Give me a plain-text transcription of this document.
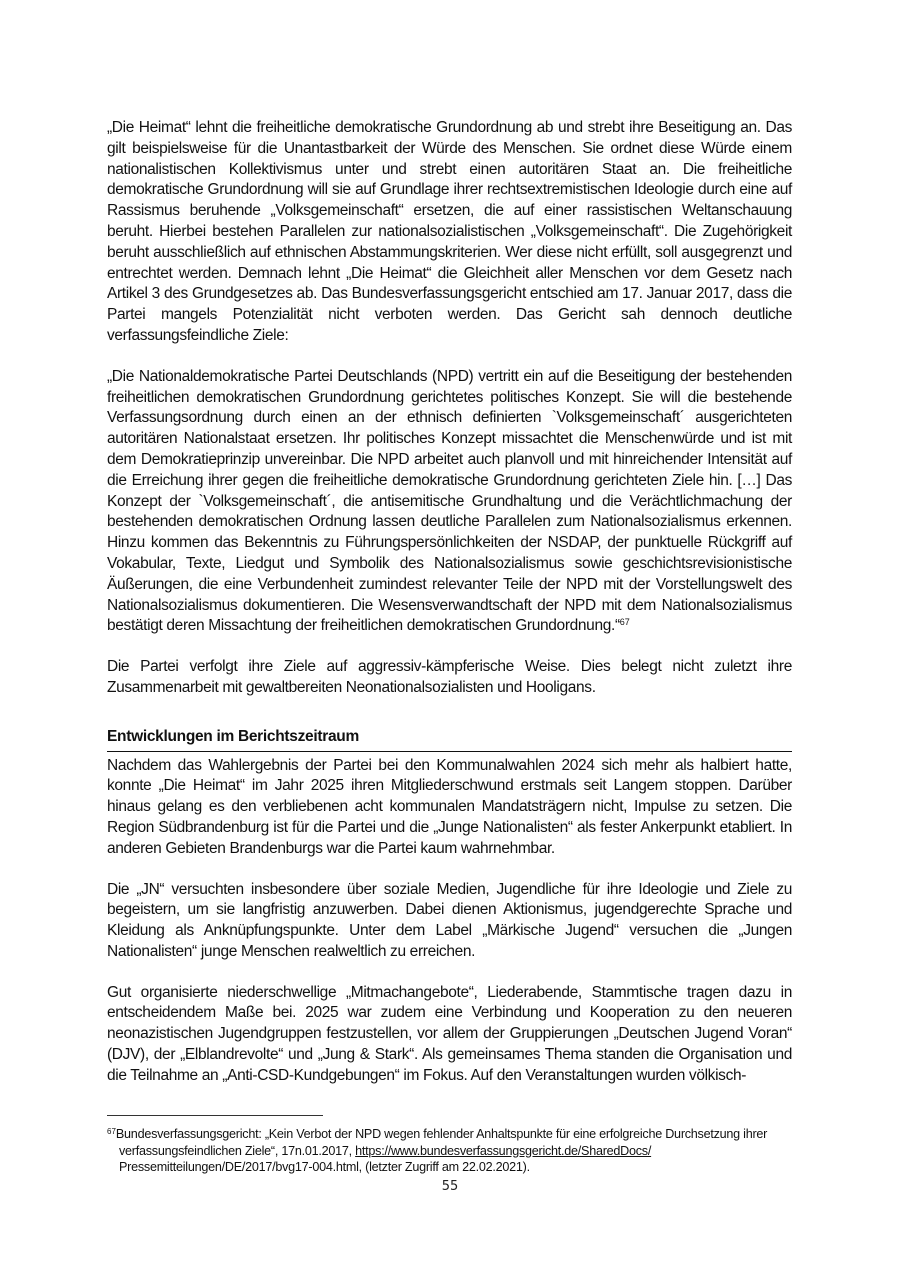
„Die Heimat“ lehnt die freiheitliche demokratische Grundordnung ab und strebt ihre Beseitigung an. Das gilt beispielsweise für die Unantastbarkeit der Würde des Menschen. Sie ordnet diese Würde einem nationalistischen Kollektivismus unter und strebt einen autoritären Staat an. Die freiheitliche demokratische Grundordnung will sie auf Grundlage ihrer rechtsextremistischen Ideologie durch eine auf Rassismus beruhende „Volksgemeinschaft“ ersetzen, die auf einer rassistischen Weltanschauung beruht. Hierbei bestehen Parallelen zur nationalsozialistischen „Volksgemeinschaft“. Die Zugehörigkeit beruht ausschließlich auf ethnischen Abstammungskriterien. Wer diese nicht erfüllt, soll ausgegrenzt und entrechtet werden. Demnach lehnt „Die Heimat“ die Gleichheit aller Menschen vor dem Gesetz nach Artikel 3 des Grundgesetzes ab. Das Bundesverfassungsgericht entschied am 17. Januar 2017, dass die Partei mangels Potenzialität nicht verboten werden. Das Gericht sah dennoch deutliche verfassungsfeindliche Ziele:

„Die Nationaldemokratische Partei Deutschlands (NPD) vertritt ein auf die Beseitigung der bestehenden freiheitlichen demokratischen Grundordnung gerichtetes politisches Konzept. Sie will die bestehende Verfassungsordnung durch einen an der ethnisch definierten `Volksgemeinschaft´ ausgerichteten autoritären Nationalstaat ersetzen. Ihr politisches Konzept missachtet die Menschenwürde und ist mit dem Demokratieprinzip unvereinbar. Die NPD arbeitet auch planvoll und mit hinreichender Intensität auf die Erreichung ihrer gegen die freiheitliche demokratische Grundordnung gerichteten Ziele hin. […] Das Konzept der `Volksgemeinschaft´, die antisemitische Grundhaltung und die Verächtlichmachung der bestehenden demokratischen Ordnung lassen deutliche Parallelen zum Nationalsozialismus erkennen. Hinzu kommen das Bekenntnis zu Führungspersönlichkeiten der NSDAP, der punktuelle Rückgriff auf Vokabular, Texte, Liedgut und Symbolik des Nationalsozialismus sowie geschichtsrevisionistische Äußerungen, die eine Verbundenheit zumindest relevanter Teile der NPD mit der Vorstellungswelt des Nationalsozialismus dokumentieren. Die Wesensverwandtschaft der NPD mit dem Nationalsozialismus bestätigt deren Missachtung der freiheitlichen demokratischen Grundordnung.“$^{67}$

Die Partei verfolgt ihre Ziele auf aggressiv-kämpferische Weise. Dies belegt nicht zuletzt ihre Zusammenarbeit mit gewaltbereiten Neonationalsozialisten und Hooligans.

Entwicklungen im Berichtszeitraum

Nachdem das Wahlergebnis der Partei bei den Kommunalwahlen 2024 sich mehr als halbiert hatte, konnte „Die Heimat“ im Jahr 2025 ihren Mitgliederschwund erstmals seit Langem stoppen. Darüber hinaus gelang es den verbliebenen acht kommunalen Mandatsträgern nicht, Impulse zu setzen. Die Region Südbrandenburg ist für die Partei und die „Junge Nationalisten“ als fester Ankerpunkt etabliert. In anderen Gebieten Brandenburgs war die Partei kaum wahrnehmbar.

Die „JN“ versuchten insbesondere über soziale Medien, Jugendliche für ihre Ideologie und Ziele zu begeistern, um sie langfristig anzuwerben. Dabei dienen Aktionismus, jugendgerechte Sprache und Kleidung als Anknüpfungspunkte. Unter dem Label „Märkische Jugend“ versuchen die „Jungen Nationalisten“ junge Menschen realweltlich zu erreichen.

Gut organisierte niederschwellige „Mitmachangebote“, Liederabende, Stammtische tragen dazu in entscheidendem Maße bei. 2025 war zudem eine Verbindung und Kooperation zu den neueren neonazistischen Jugendgruppen festzustellen, vor allem der Gruppierungen „Deutschen Jugend Voran“ (DJV), der „Elblandrevolte“ und „Jung & Stark“. Als gemeinsames Thema standen die Organisation und die Teilnahme an „Anti-CSD-Kundgebungen“ im Fokus. Auf den Veranstaltungen wurden völkisch-

$^{67}$Bundesverfassungsgericht: „Kein Verbot der NPD wegen fehlender Anhaltspunkte für eine erfolgreiche Durchsetzung ihrer verfassungsfeindlichen Ziele“, 17n.01.2017, https://www.bundesverfassungsgericht.de/SharedDocs/ Pressemitteilungen/DE/2017/bvg17-004.html, (letzter Zugriff am 22.02.2021).
55
